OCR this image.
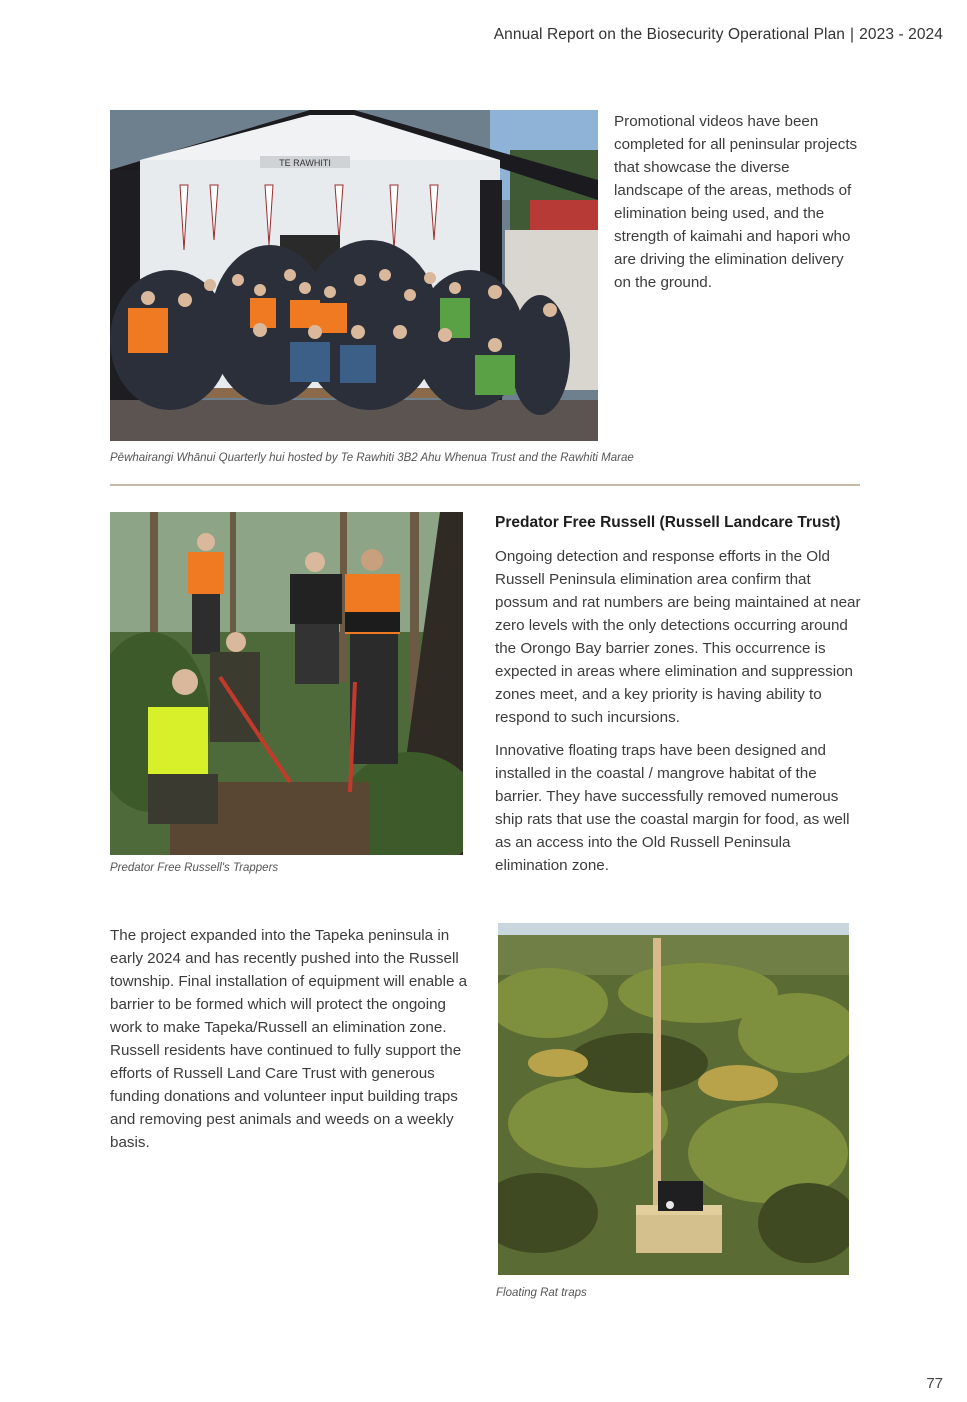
Annual Report on the Biosecurity Operational Plan | 2023 - 2024
TE RAWHITI
Pēwhairangi Whānui Quarterly hui hosted by Te Rawhiti 3B2 Ahu Whenua Trust and the Rawhiti Marae

Promotional videos have been completed for all peninsular projects that showcase the diverse landscape of the areas, methods of elimination being used, and the strength of kaimahi and hapori who are driving the elimination delivery on the ground.

Predator Free Russell's Trappers
Predator Free Russell (Russell Landcare Trust)

Ongoing detection and response efforts in the Old Russell Peninsula elimination area confirm that possum and rat numbers are being maintained at near zero levels with the only detections occurring around the Orongo Bay barrier zones. This occurrence is expected in areas where elimination and suppression zones meet, and a key priority is having ability to respond to such incursions.

Innovative floating traps have been designed and installed in the coastal / mangrove habitat of the barrier. They have successfully removed numerous ship rats that use the coastal margin for food, as well as an access into the Old Russell Peninsula elimination zone.

The project expanded into the Tapeka peninsula in early 2024 and has recently pushed into the Russell township. Final installation of equipment will enable a barrier to be formed which will protect the ongoing work to make Tapeka/Russell an elimination zone. Russell residents have continued to fully support the efforts of Russell Land Care Trust with generous funding donations and volunteer input building traps and removing pest animals and weeds on a weekly basis.

Floating Rat traps
77
